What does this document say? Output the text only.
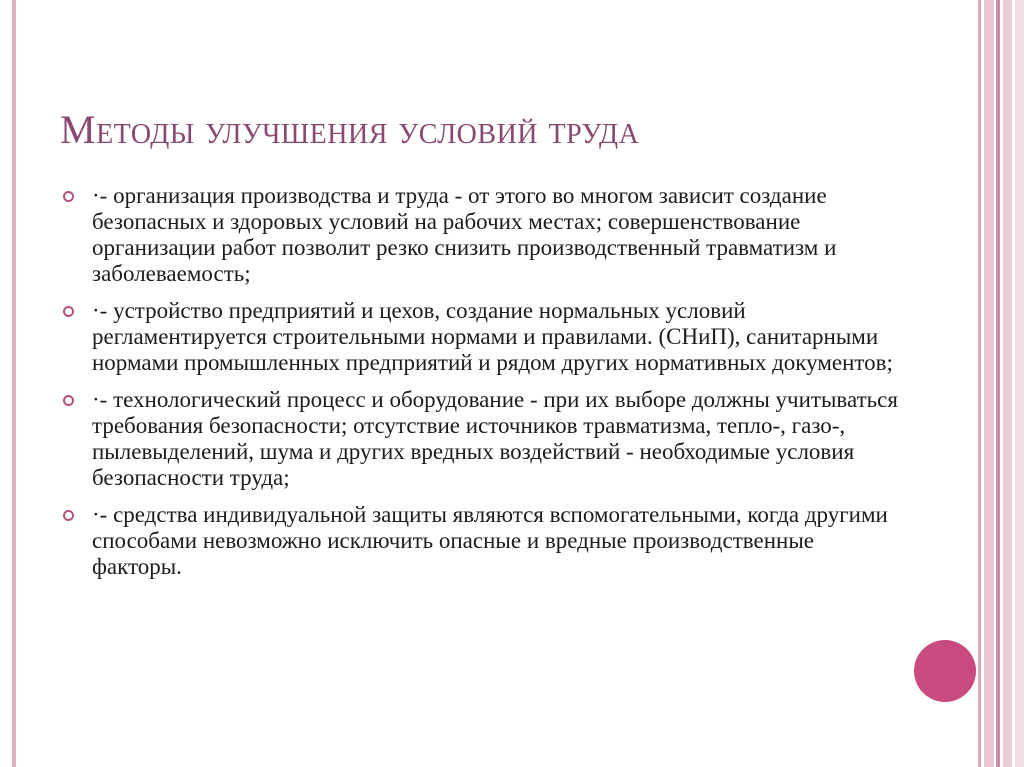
Методы улучшения условий труда
·- организация производства и труда - от этого во многом зависит создание безопасных и здоровых условий на рабочих местах; совершенствование организации работ позволит резко снизить производственный травматизм и заболеваемость;
·- устройство предприятий и цехов, создание нормальных условий регламентируется строительными нормами и правилами. (СНиП), санитарными нормами промышленных предприятий и рядом других нормативных документов;
·- технологический процесс и оборудование - при их выборе должны учитываться требования безопасности; отсутствие источников травматизма, тепло-, газо-, пылевыделений, шума и других вредных воздействий - необходимые условия безопасности труда;
·- средства индивидуальной защиты являются вспомогательными, когда другими способами невозможно исключить опасные и вредные производственные факторы.
